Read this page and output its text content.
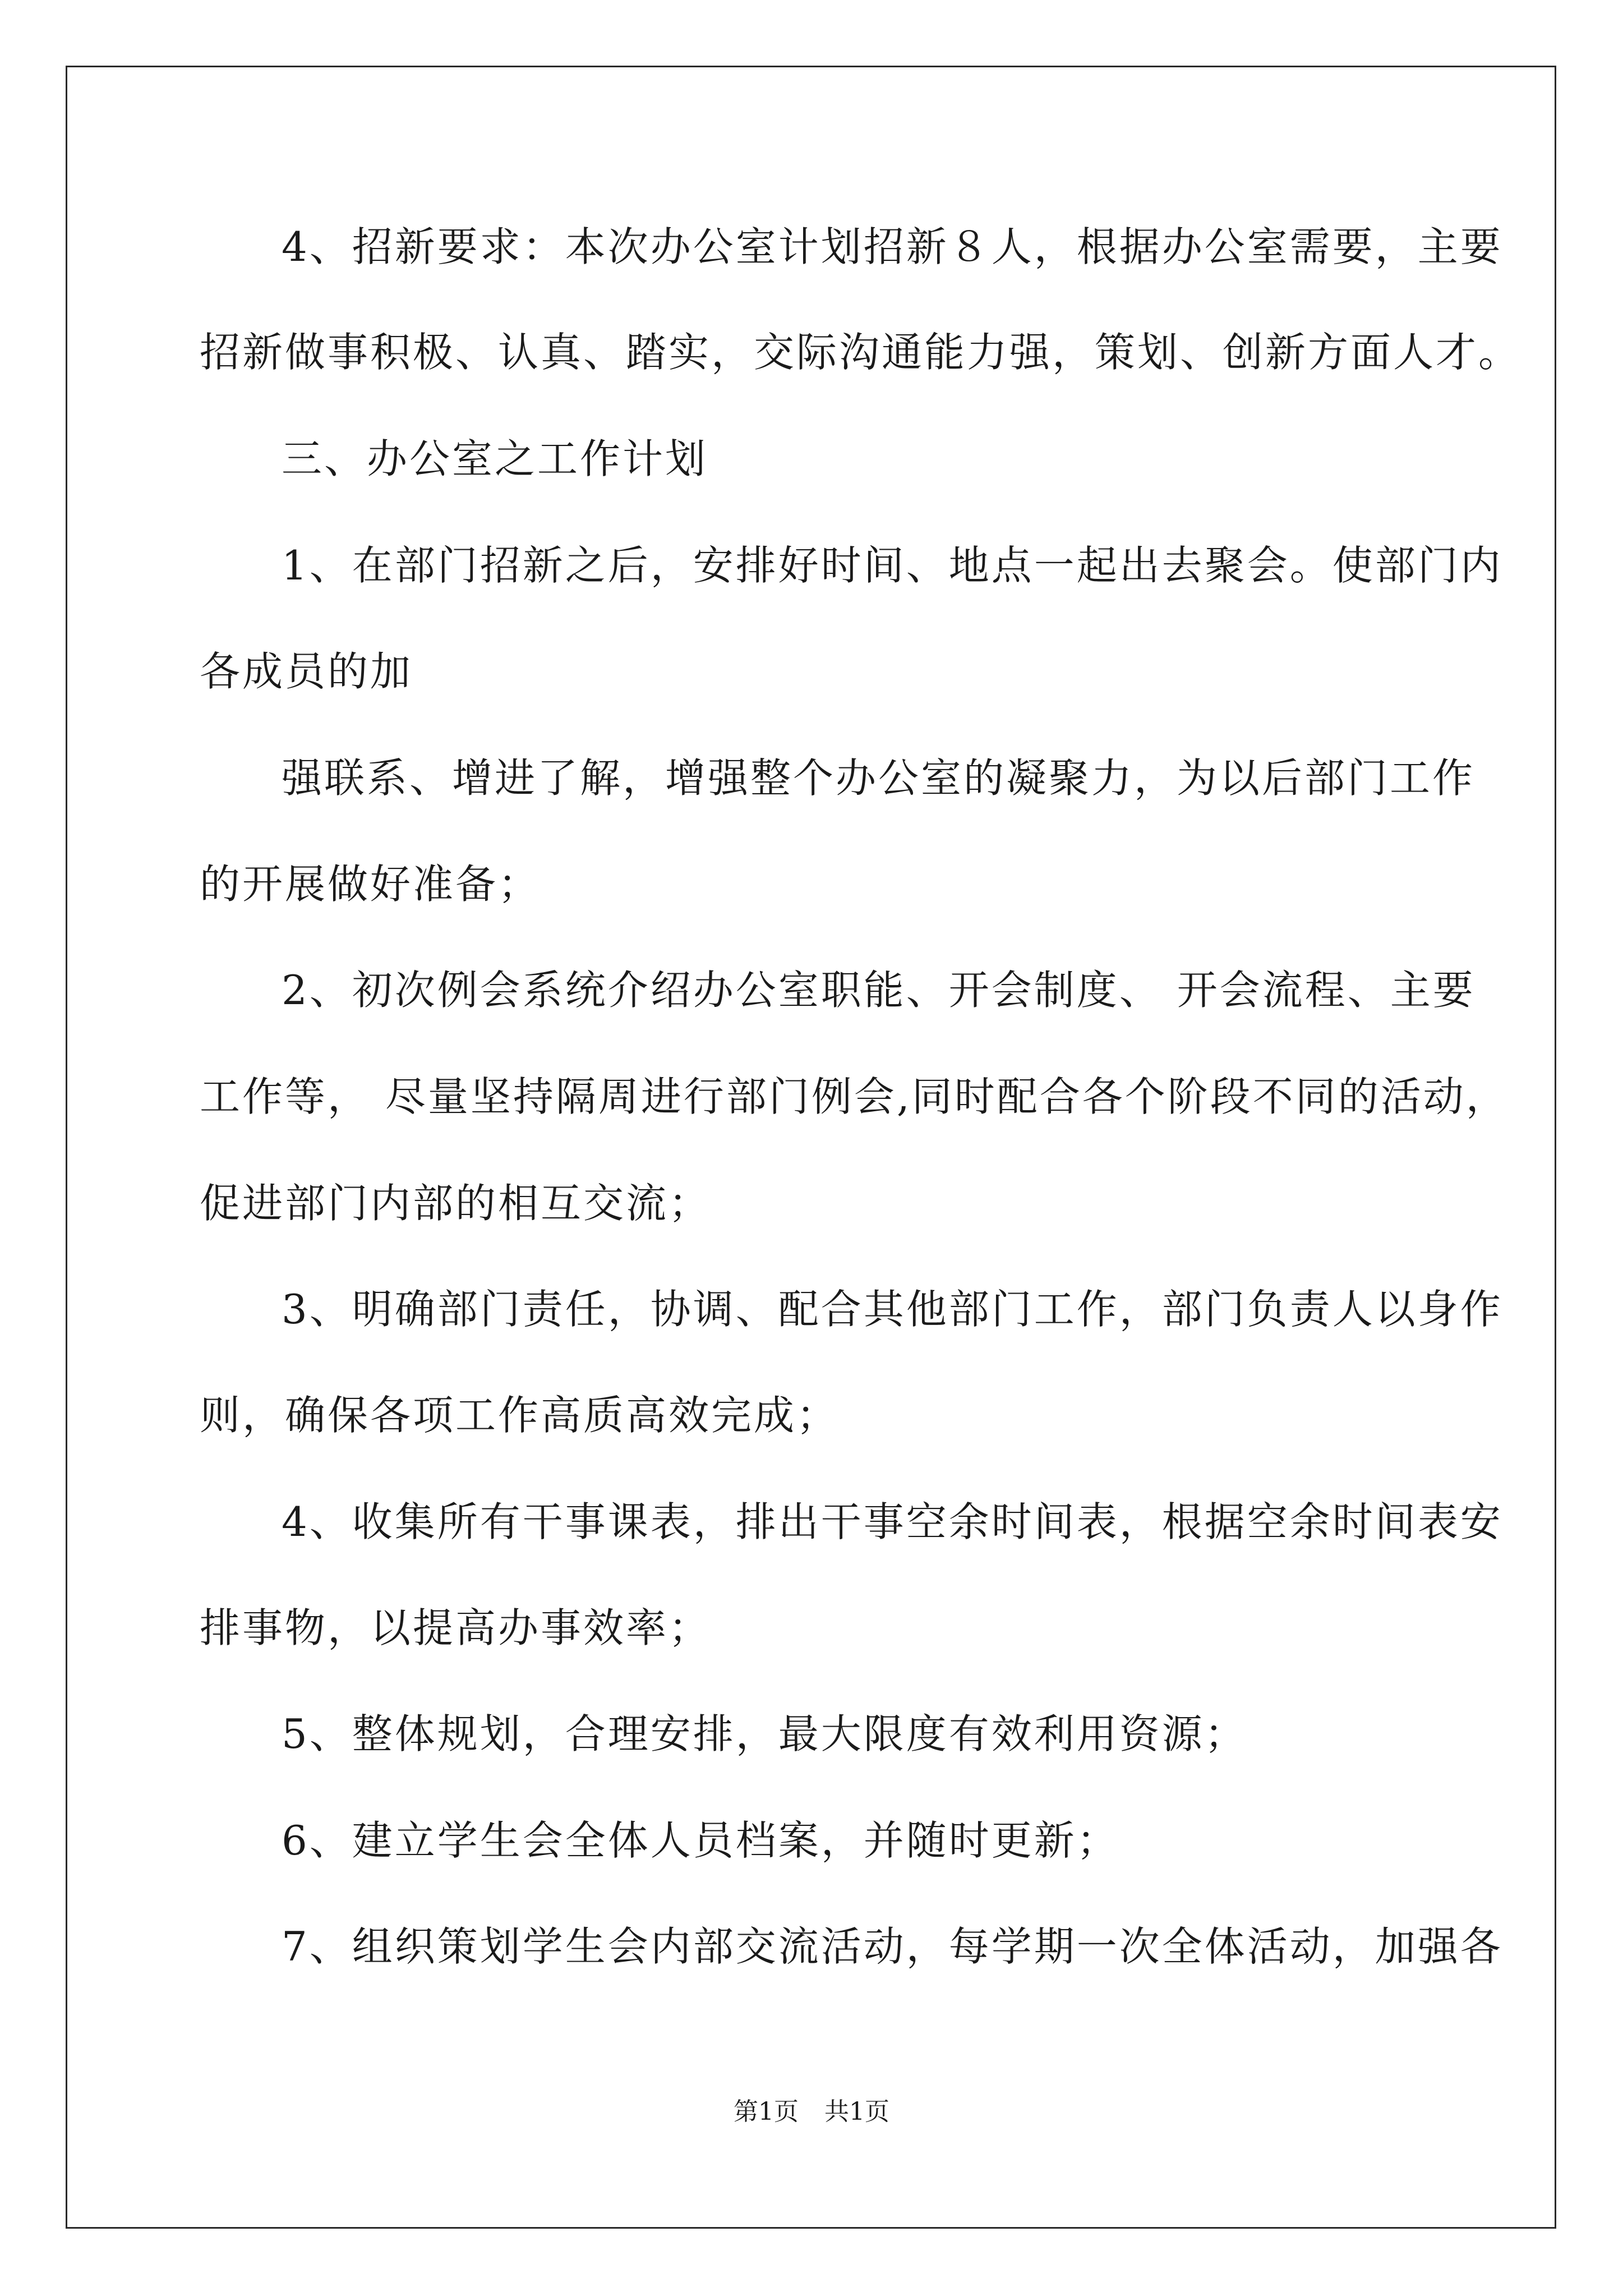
4、招新要求：本次办公室计划招新８人，根据办公室需要，主要
招新做事积极、认真、踏实，交际沟通能力强，策划、创新方面人才。
三、办公室之工作计划
1、在部门招新之后，安排好时间、地点一起出去聚会。使部门内
各成员的加
强联系、增进了解，增强整个办公室的凝聚力，为以后部门工作
的开展做好准备；
2、初次例会系统介绍办公室职能、开会制度、 开会流程、主要
工作等， 尽量坚持隔周进行部门例会,同时配合各个阶段不同的活动，
促进部门内部的相互交流；
3、明确部门责任，协调、配合其他部门工作，部门负责人以身作
则，确保各项工作高质高效完成；
4、收集所有干事课表，排出干事空余时间表，根据空余时间表安
排事物，以提高办事效率；
5、整体规划，合理安排，最大限度有效利用资源；
6、建立学生会全体人员档案，并随时更新；
7、组织策划学生会内部交流活动，每学期一次全体活动，加强各
第1页 共1页
